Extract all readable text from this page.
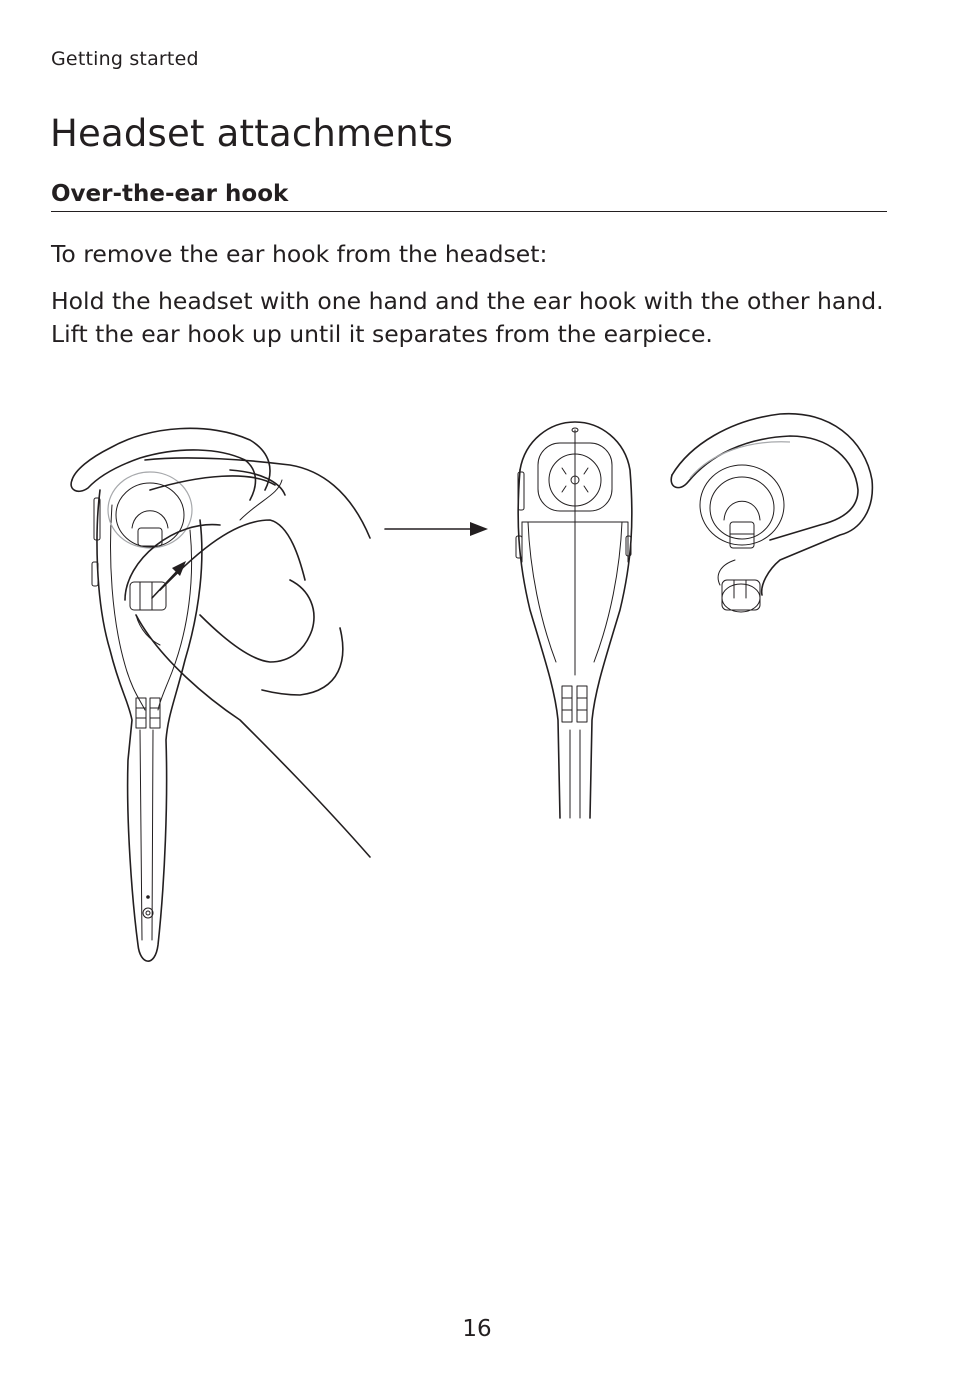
Getting started
Headset attachments
Over-the-ear hook

To remove the ear hook from the headset:

Hold the headset with one hand and the ear hook with the other hand. Lift the ear hook up until it separates from the earpiece.

16
